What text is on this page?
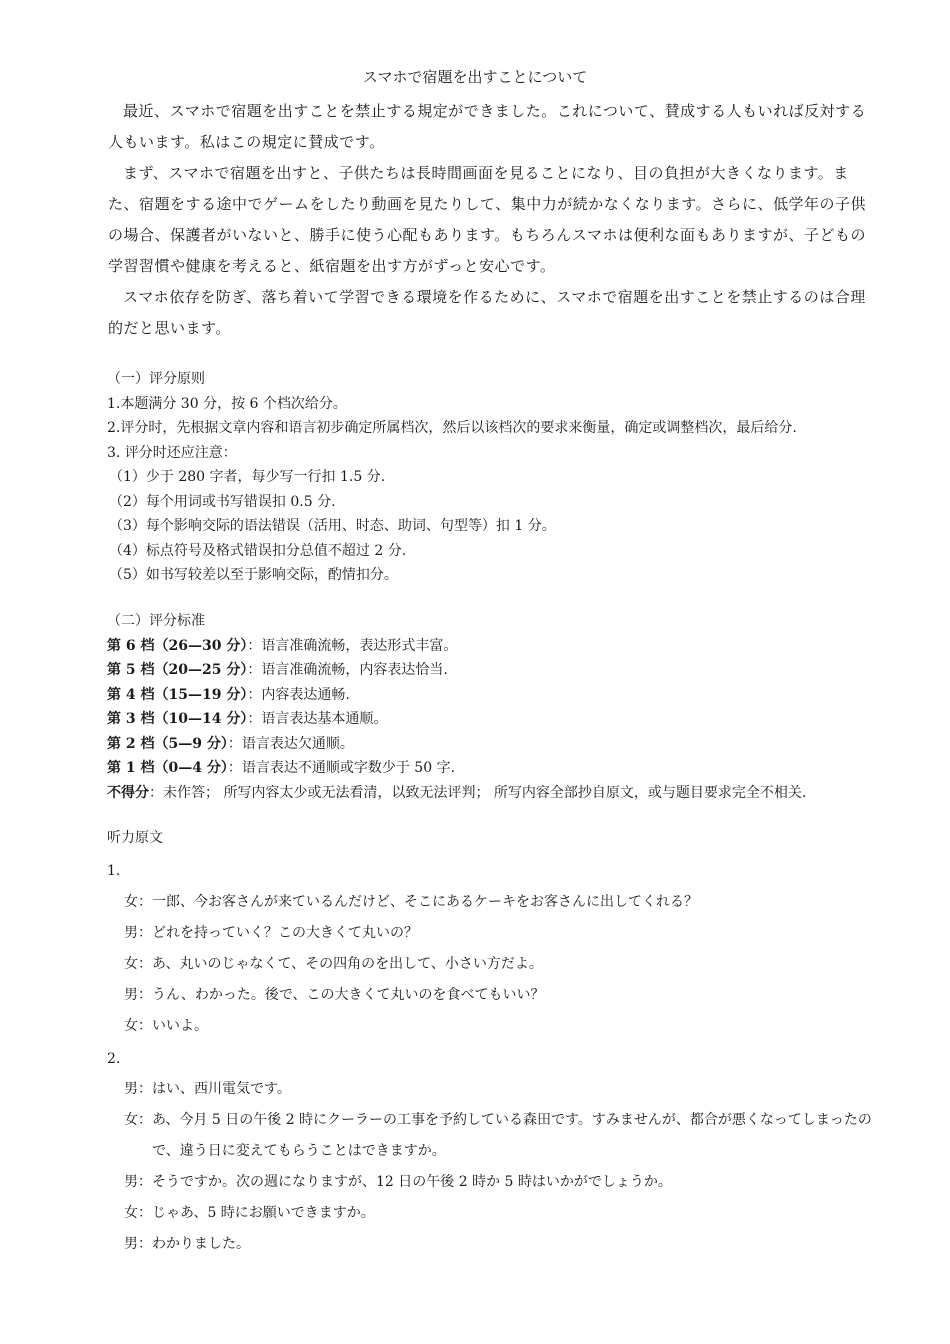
スマホで宿題を出すことについて

最近、スマホで宿題を出すことを禁止する規定ができました。これについて、賛成する人もいれば反対する人もいます。私はこの規定に賛成です。

まず、スマホで宿題を出すと、子供たちは長時間画面を見ることになり、目の負担が大きくなります。また、宿題をする途中でゲームをしたり動画を見たりして、集中力が続かなくなります。さらに、低学年の子供の場合、保護者がいないと、勝手に使う心配もあります。もちろんスマホは便利な面もありますが、子どもの学習習慣や健康を考えると、紙宿題を出す方がずっと安心です。

スマホ依存を防ぎ、落ち着いて学習できる環境を作るために、スマホで宿題を出すことを禁止するのは合理的だと思います。

（一）评分原则
1.本题满分 30 分，按 6 个档次给分。
2.评分时，先根据文章内容和语言初步确定所属档次，然后以该档次的要求来衡量，确定或调整档次，最后给分.
3. 评分时还应注意：
（1）少于 280 字者，每少写一行扣 1.5 分.
（2）每个用词或书写错误扣 0.5 分.
（3）每个影响交际的语法错误（活用、时态、助词、句型等）扣 1 分。
（4）标点符号及格式错误扣分总值不超过 2 分.
（5）如书写较差以至于影响交际，酌情扣分。
（二）评分标准
第 6 档（26—30 分）：语言准确流畅，表达形式丰富。
第 5 档（20—25 分）：语言准确流畅，内容表达恰当.
第 4 档（15—19 分）：内容表达通畅.
第 3 档（10—14 分）：语言表达基本通顺。
第 2 档（5—9 分）：语言表达欠通顺。
第 1 档（0—4 分）：语言表达不通顺或字数少于 50 字.
不得分：未作答； 所写内容太少或无法看清，以致无法评判； 所写内容全部抄自原文，或与题目要求完全不相关.
听力原文
1.
女： 一郎、今お客さんが来ているんだけど、そこにあるケーキをお客さんに出してくれる？
男： どれを持っていく？この大きくて丸いの？
女： あ、丸いのじゃなくて、その四角のを出して、小さい方だよ。
男： うん、わかった。後で、この大きくて丸いのを食べてもいい？
女： いいよ。
2.
男： はい、西川電気です。
女： あ、今月 5 日の午後 2 時にクーラーの工事を予約している森田です。すみませんが、都合が悪くなってしまったので、違う日に変えてもらうことはできますか。
男： そうですか。次の週になりますが、12 日の午後 2 時か 5 時はいかがでしょうか。
女： じゃあ、5 時にお願いできますか。
男： わかりました。
